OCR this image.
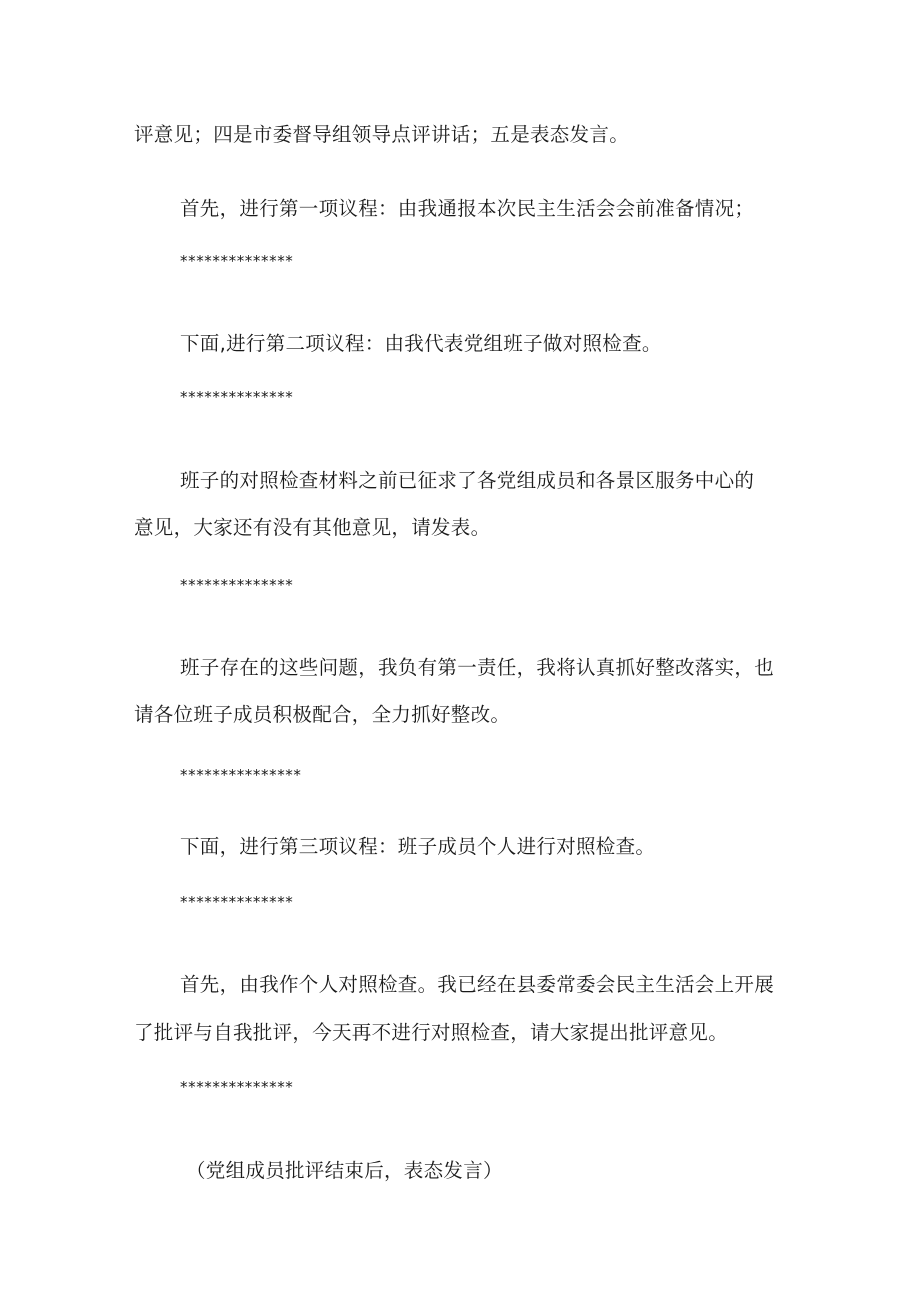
评意见；四是市委督导组领导点评讲话；五是表态发言。

首先，进行第一项议程：由我通报本次民主生活会会前准备情况；

**************

下面,进行第二项议程：由我代表党组班子做对照检查。

**************

班子的对照检查材料之前已征求了各党组成员和各景区服务中心的

意见，大家还有没有其他意见，请发表。

**************

班子存在的这些问题，我负有第一责任，我将认真抓好整改落实，也

请各位班子成员积极配合，全力抓好整改。

***************

下面，进行第三项议程：班子成员个人进行对照检查。

**************

首先，由我作个人对照检查。我已经在县委常委会民主生活会上开展

了批评与自我批评，今天再不进行对照检查，请大家提出批评意见。

**************

（党组成员批评结束后，表态发言）
